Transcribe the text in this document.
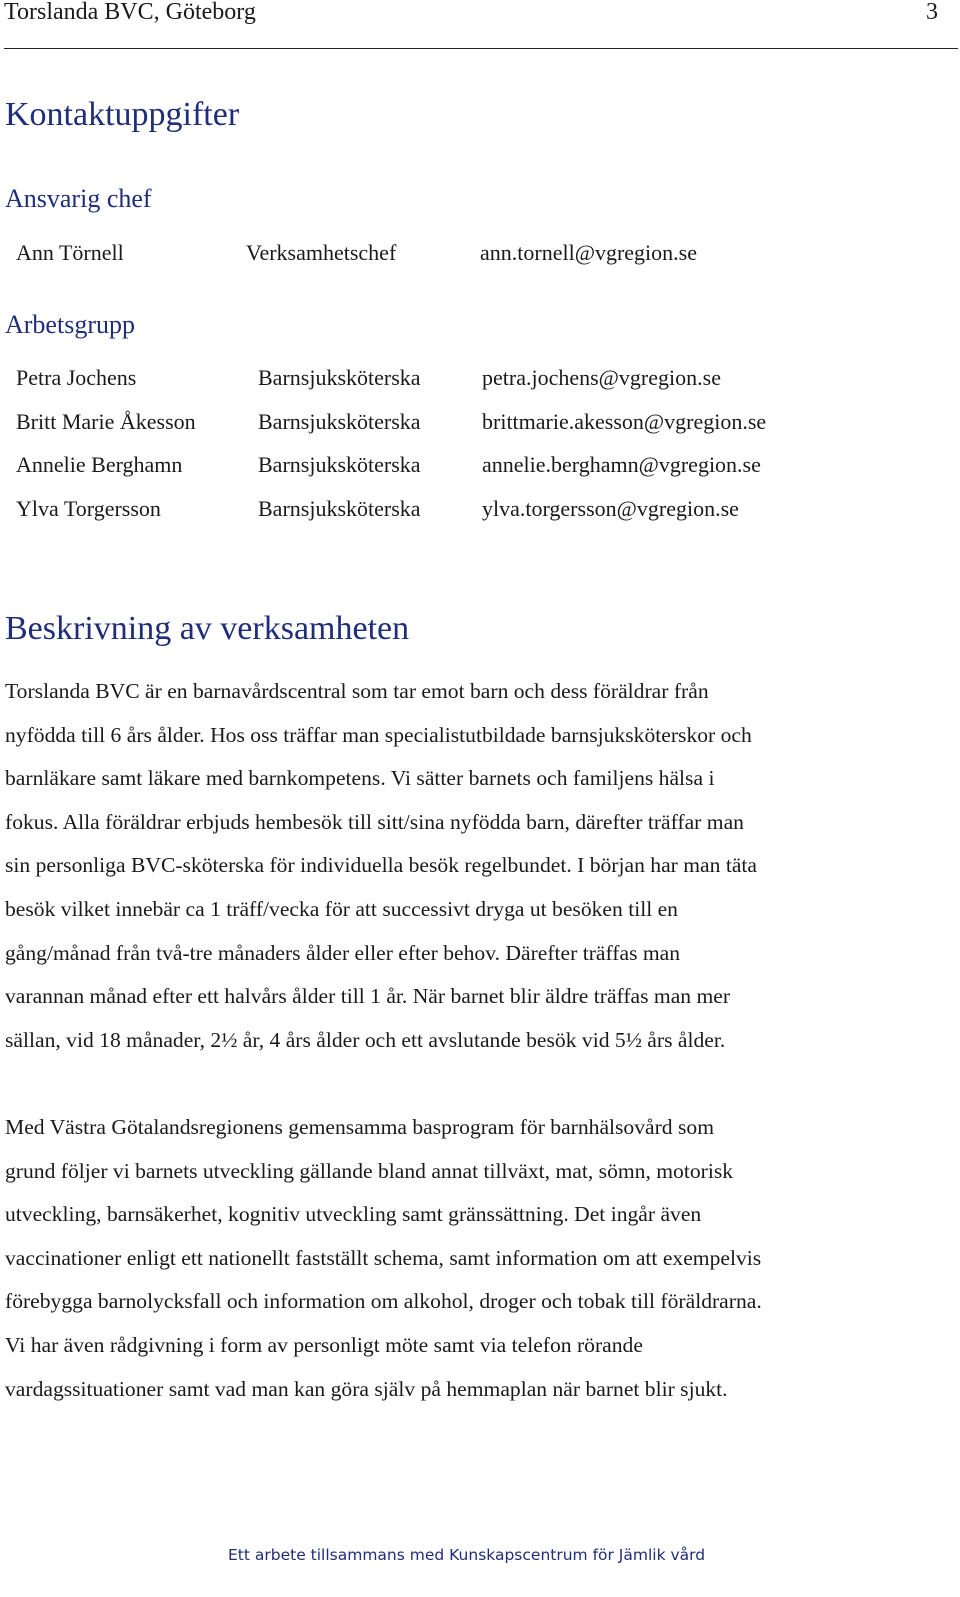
Torslanda BVC, Göteborg	3
Kontaktuppgifter
Ansvarig chef
Ann Törnell	Verksamhetschef	ann.tornell@vgregion.se
Arbetsgrupp
Petra Jochens	Barnsjuksköterska	petra.jochens@vgregion.se
Britt Marie Åkesson	Barnsjuksköterska	brittmarie.akesson@vgregion.se
Annelie Berghamn	Barnsjuksköterska	annelie.berghamn@vgregion.se
Ylva Torgersson	Barnsjuksköterska	ylva.torgersson@vgregion.se
Beskrivning av verksamheten

Torslanda BVC är en barnavårdscentral som tar emot barn och dess föräldrar från
nyfödda till 6 års ålder. Hos oss träffar man specialistutbildade barnsjuksköterskor och
barnläkare samt läkare med barnkompetens. Vi sätter barnets och familjens hälsa i
fokus. Alla föräldrar erbjuds hembesök till sitt/sina nyfödda barn, därefter träffar man
sin personliga BVC-sköterska för individuella besök regelbundet. I början har man täta
besök vilket innebär ca 1 träff/vecka för att successivt dryga ut besöken till en
gång/månad från två-tre månaders ålder eller efter behov. Därefter träffas man
varannan månad efter ett halvårs ålder till 1 år. När barnet blir äldre träffas man mer
sällan, vid 18 månader, 2½ år, 4 års ålder och ett avslutande besök vid 5½ års ålder.

Med Västra Götalandsregionens gemensamma basprogram för barnhälsovård som
grund följer vi barnets utveckling gällande bland annat tillväxt, mat, sömn, motorisk
utveckling, barnsäkerhet, kognitiv utveckling samt gränssättning. Det ingår även
vaccinationer enligt ett nationellt fastställt schema, samt information om att exempelvis
förebygga barnolycksfall och information om alkohol, droger och tobak till föräldrarna.
Vi har även rådgivning i form av personligt möte samt via telefon rörande
vardagssituationer samt vad man kan göra själv på hemmaplan när barnet blir sjukt.

Ett arbete tillsammans med Kunskapscentrum för Jämlik vård
